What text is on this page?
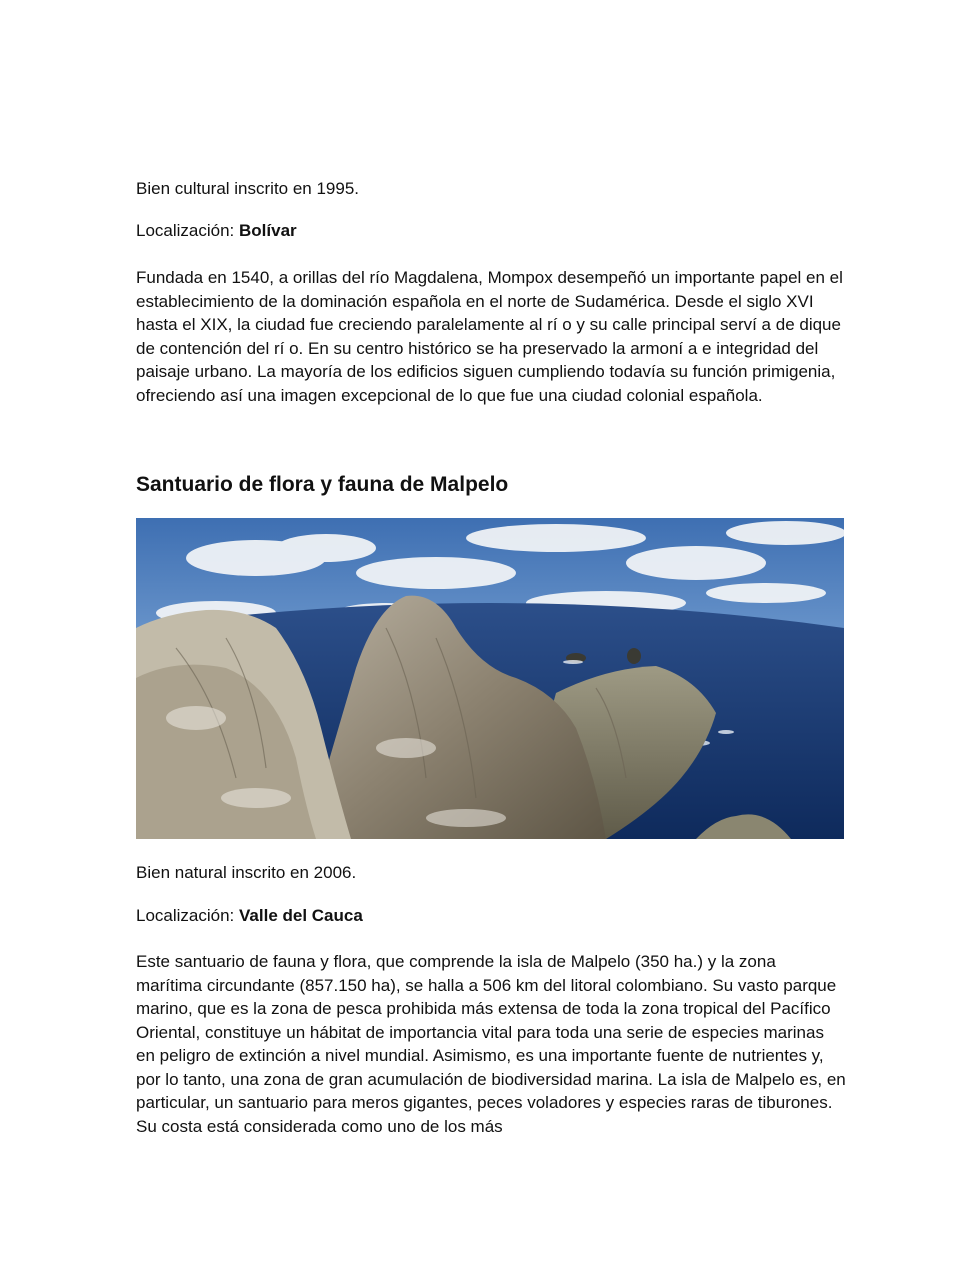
Bien cultural inscrito en 1995.

Localización: Bolívar

Fundada en 1540, a orillas del río Magdalena, Mompox desempeñó un importante papel en el establecimiento de la dominación española en el norte de Sudamérica. Desde el siglo XVI hasta el XIX, la ciudad fue creciendo paralelamente al rí o y su calle principal serví a de dique de contención del rí o. En su centro histórico se ha preservado la armoní a e integridad del paisaje urbano. La mayoría de los edificios siguen cumpliendo todavía su función primigenia, ofreciendo así una imagen excepcional de lo que fue una ciudad colonial española.

Santuario de flora y fauna de Malpelo

Bien natural inscrito en 2006.

Localización: Valle del Cauca

Este santuario de fauna y flora, que comprende la isla de Malpelo (350 ha.) y la zona marítima circundante (857.150 ha), se halla a 506 km del litoral colombiano. Su vasto parque marino, que es la zona de pesca prohibida más extensa de toda la zona tropical del Pacífico Oriental, constituye un hábitat de importancia vital para toda una serie de especies marinas en peligro de extinción a nivel mundial. Asimismo, es una importante fuente de nutrientes y, por lo tanto, una zona de gran acumulación de biodiversidad marina. La isla de Malpelo es, en particular, un santuario para meros gigantes, peces voladores y especies raras de tiburones. Su costa está considerada como uno de los más
